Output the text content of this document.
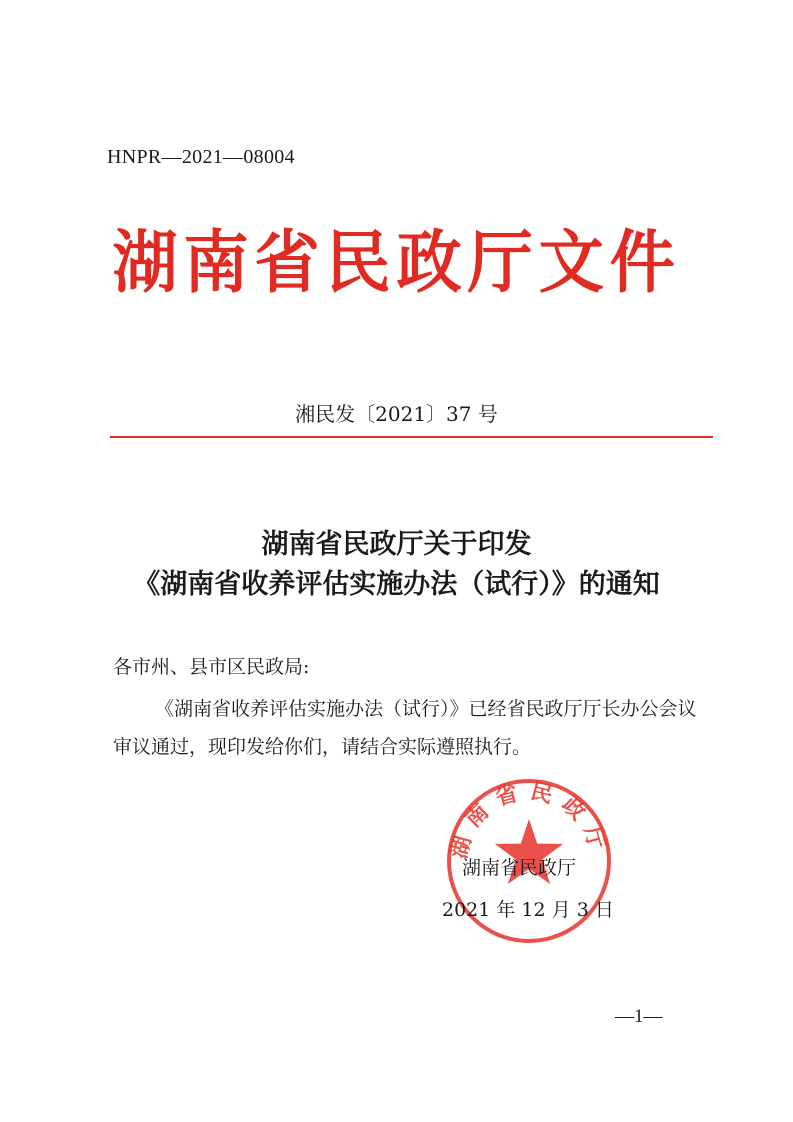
HNPR—2021—08004
湖南省民政厅文件
湘民发〔2021〕37 号
湖南省民政厅关于印发
《湖南省收养评估实施办法（试行）》的通知
各市州、县市区民政局:
《湖南省收养评估实施办法（试行）》已经省民政厅厅长办公会议审议通过，现印发给你们，请结合实际遵照执行。
湖南省民政厅
湖南省民政厅
2021 年 12 月 3 日
—1—
